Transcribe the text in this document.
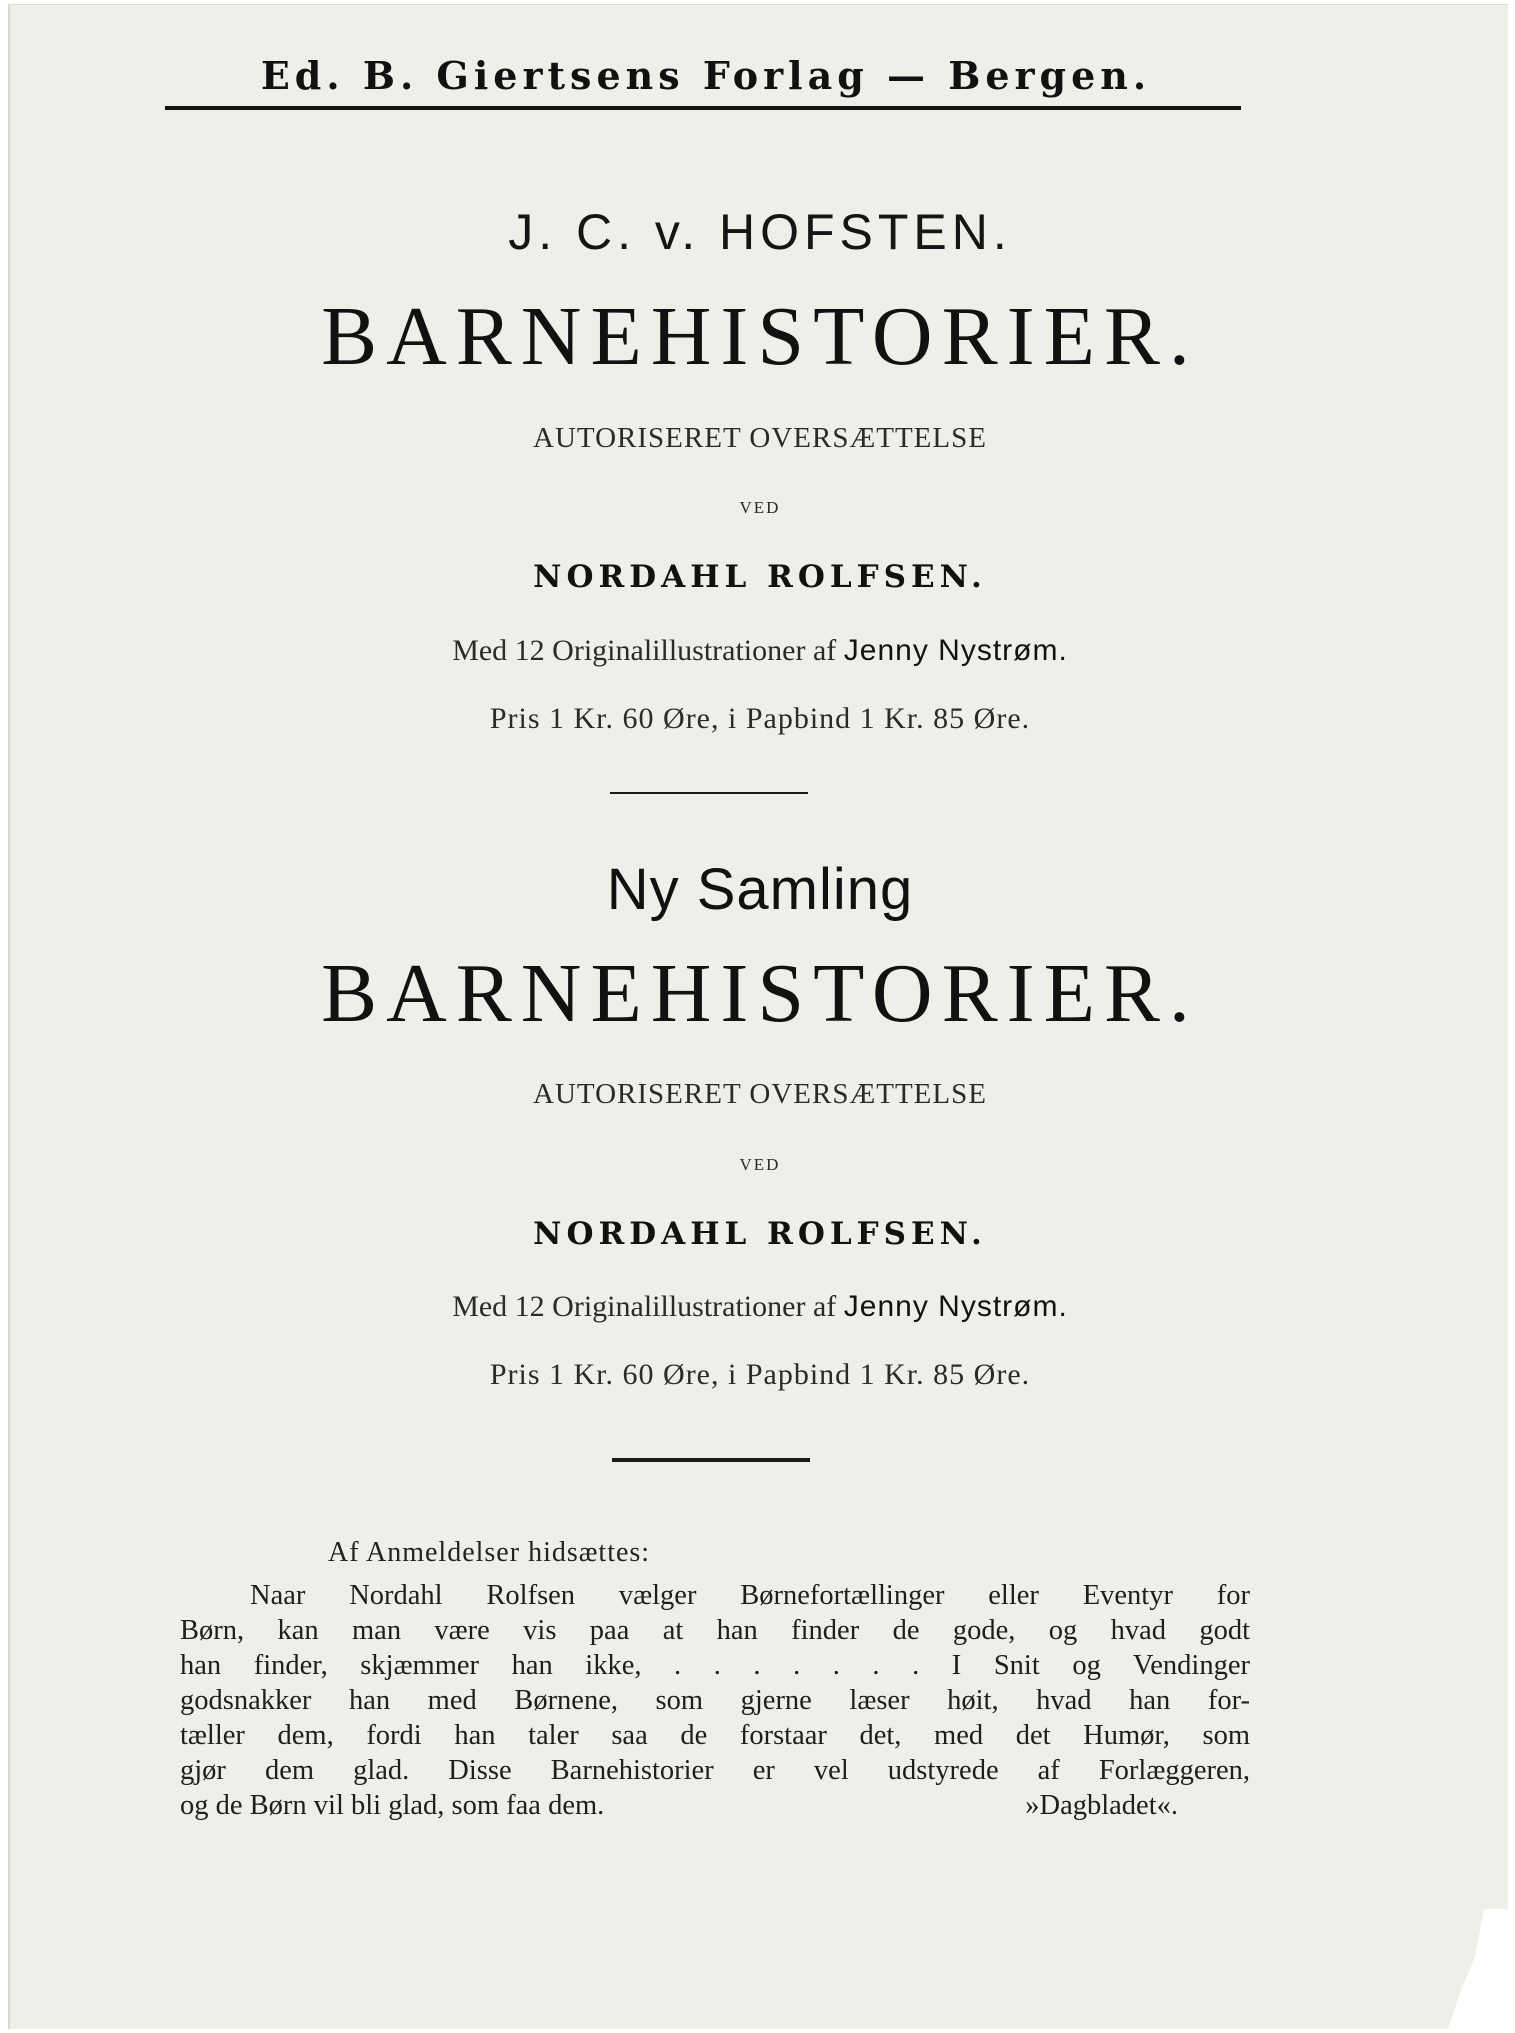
Ed. B. Giertsens Forlag — Bergen.
J. C. v. HOFSTEN.
BARNEHISTORIER.
AUTORISERET OVERSÆTTELSE
VED
NORDAHL ROLFSEN.
Med 12 Originalillustrationer af Jenny Nystrøm.
Pris 1 Kr. 60 Øre, i Papbind 1 Kr. 85 Øre.
Ny Samling
BARNEHISTORIER.
AUTORISERET OVERSÆTTELSE
VED
NORDAHL ROLFSEN.
Med 12 Originalillustrationer af Jenny Nystrøm.
Pris 1 Kr. 60 Øre, i Papbind 1 Kr. 85 Øre.
Af Anmeldelser hidsættes:
Naar Nordahl Rolfsen vælger Børnefortællinger eller Eventyr for
Børn, kan man være vis paa at han finder de gode, og hvad godt
han finder, skjæmmer han ikke, . . . . . . . I Snit og Vendinger
godsnakker han med Børnene, som gjerne læser høit, hvad han for-
tæller dem, fordi han taler saa de forstaar det, med det Humør, som
gjør dem glad. Disse Barnehistorier er vel udstyrede af Forlæggeren,
og de Børn vil bli glad, som faa dem.	»Dagbladet«.
